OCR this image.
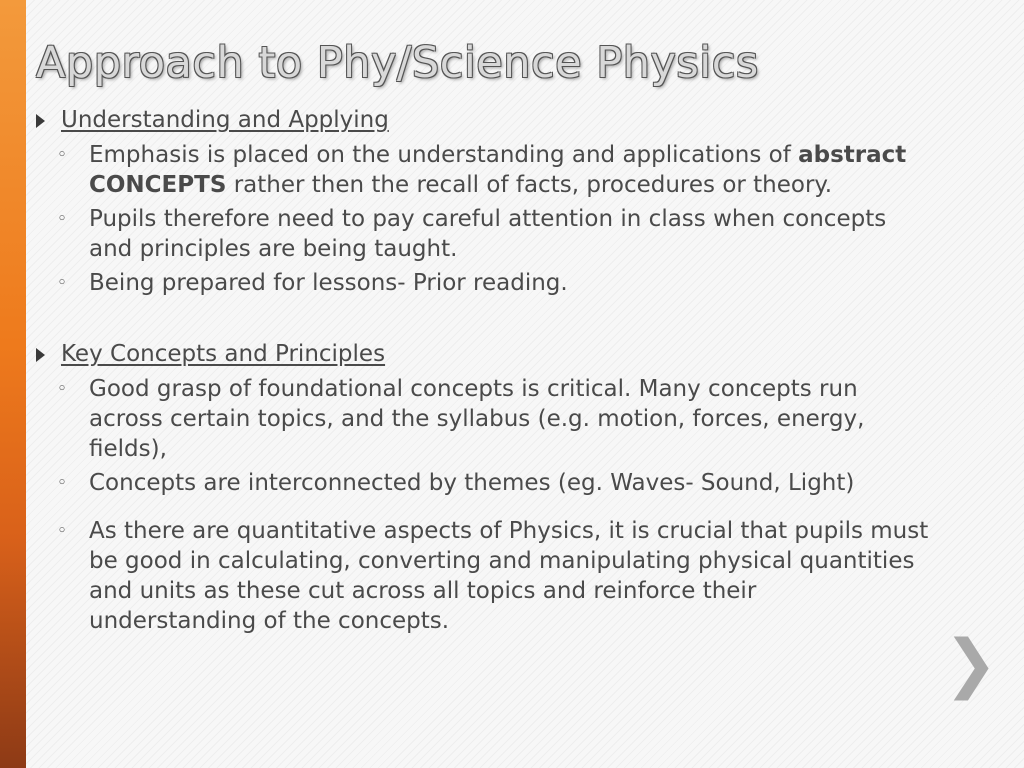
Approach to Phy/Science Physics
Understanding and Applying
◦ Emphasis is placed on the understanding and applications of abstract CONCEPTS rather then the recall of facts, procedures or theory.
◦ Pupils therefore need to pay careful attention in class when concepts and principles are being taught.
◦ Being prepared for lessons- Prior reading.
Key Concepts and Principles
◦ Good grasp of foundational concepts is critical. Many concepts run across certain topics, and the syllabus (e.g. motion, forces, energy, fields),
◦ Concepts are interconnected by themes (eg. Waves- Sound, Light)
◦ As there are quantitative aspects of Physics, it is crucial that pupils must be good in calculating, converting and manipulating physical quantities and units as these cut across all topics and reinforce their understanding of the concepts.
❯
